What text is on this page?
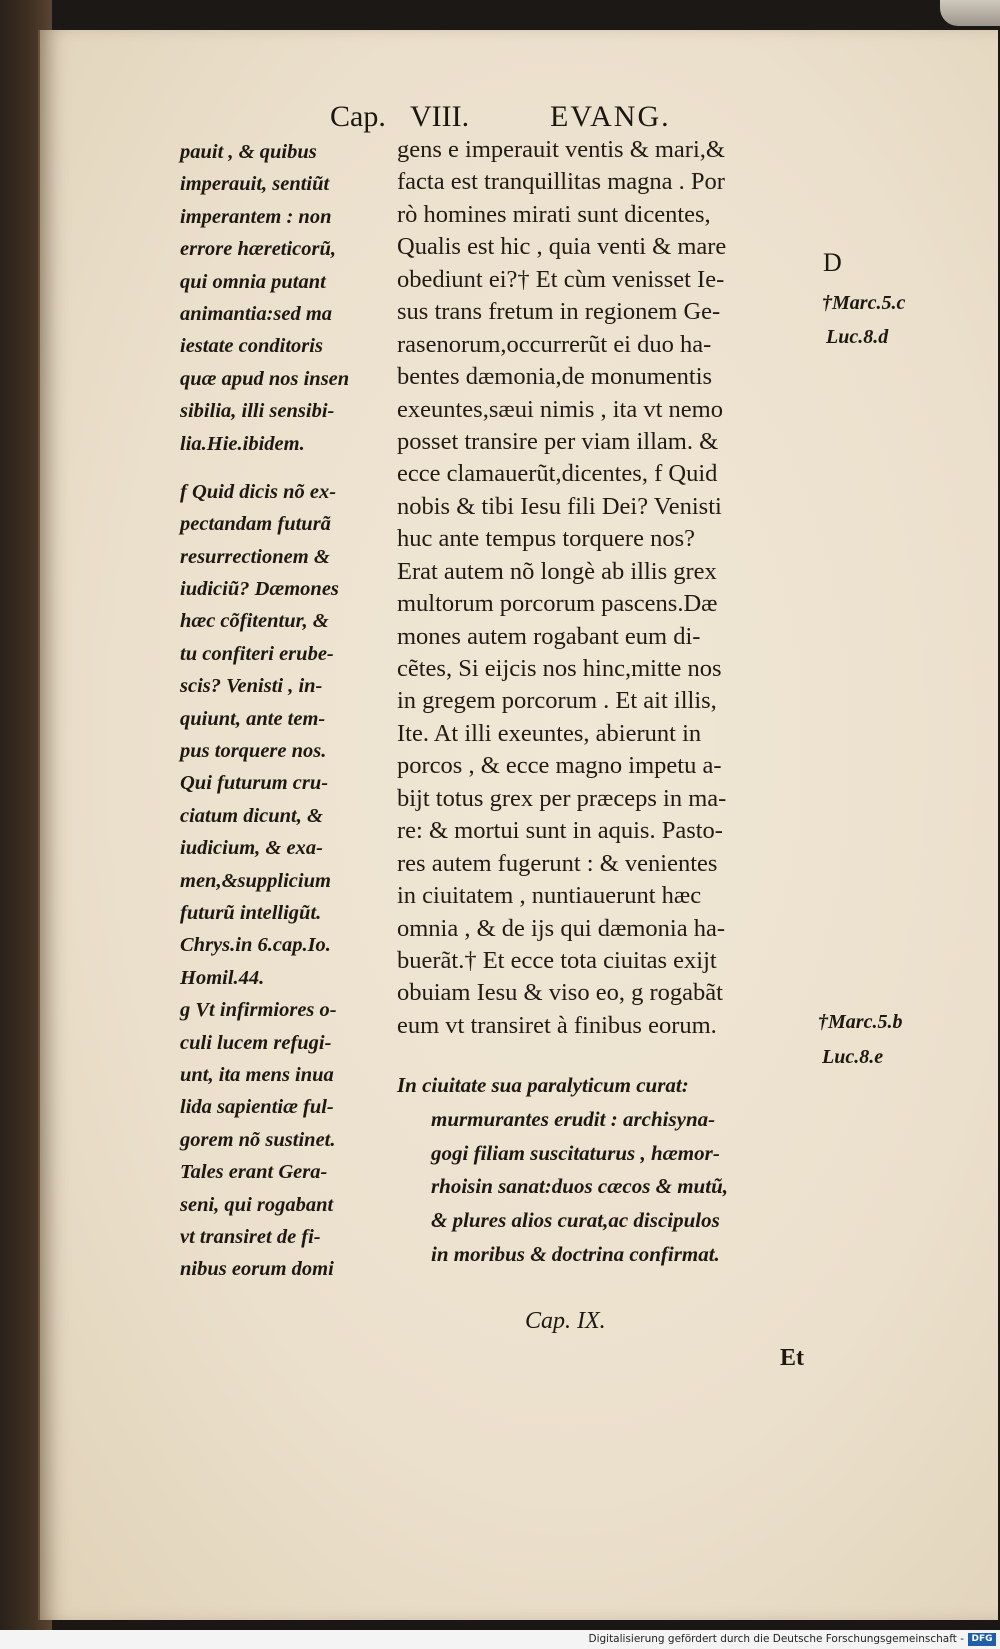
Cap. VIII.	EVANG.
pauit , & quibus
imperauit, sentiũt
imperantem : non
errore hæreticorũ,
qui omnia putant
animantia:sed ma
iestate conditoris
quæ apud nos insen
sibilia, illi sensibi-
lia.Hie.ibidem.
f Quid dicis nõ ex-
pectandam futurã
resurrectionem &
iudiciũ? Dæmones
hæc cõfitentur, &
tu confiteri erube-
scis? Venisti , in-
quiunt, ante tem-
pus torquere nos.
Qui futurum cru-
ciatum dicunt, &
iudicium, & exa-
men,&supplicium
futurũ intelligũt.
Chrys.in 6.cap.Io.
Homil.44.
g Vt infirmiores o-
culi lucem refugi-
unt, ita mens inua
lida sapientiæ ful-
gorem nõ sustinet.
Tales erant Gera-
seni, qui rogabant
vt transiret de fi-
nibus eorum domi
gens e imperauit ventis & mari,&
facta est tranquillitas magna . Por
rò homines mirati sunt dicentes,
Qualis est hic , quia venti & mare
obediunt ei?† Et cùm venisset Ie-
sus trans fretum in regionem Ge-
rasenorum,occurrerũt ei duo ha-
bentes dæmonia,de monumentis
exeuntes,sæui nimis , ita vt nemo
posset transire per viam illam. &
ecce clamauerũt,dicentes, f Quid
nobis & tibi Iesu fili Dei? Venisti
huc ante tempus torquere nos?
Erat autem nõ longè ab illis grex
multorum porcorum pascens.Dæ
mones autem rogabant eum di-
cẽtes, Si eijcis nos hinc,mitte nos
in gregem porcorum . Et ait illis,
Ite. At illi exeuntes, abierunt in
porcos , & ecce magno impetu a-
bijt totus grex per præceps in ma-
re: & mortui sunt in aquis. Pasto-
res autem fugerunt : & venientes
in ciuitatem , nuntiauerunt hæc
omnia , & de ijs qui dæmonia ha-
buerãt.† Et ecce tota ciuitas exijt
obuiam Iesu & viso eo, g rogabãt
eum vt transiret à finibus eorum.
In ciuitate sua paralyticum curat:
murmurantes erudit : archisyna-
gogi filiam suscitaturus , hæmor-
rhoisin sanat:duos cæcos & mutũ,
& plures alios curat,ac discipulos
in moribus & doctrina confirmat.
Cap. IX.
Et
D
†Marc.5.c
Luc.8.d
†Marc.5.b
Luc.8.e
Digitalisierung gefördert durch die Deutsche Forschungsgemeinschaft - DFG
